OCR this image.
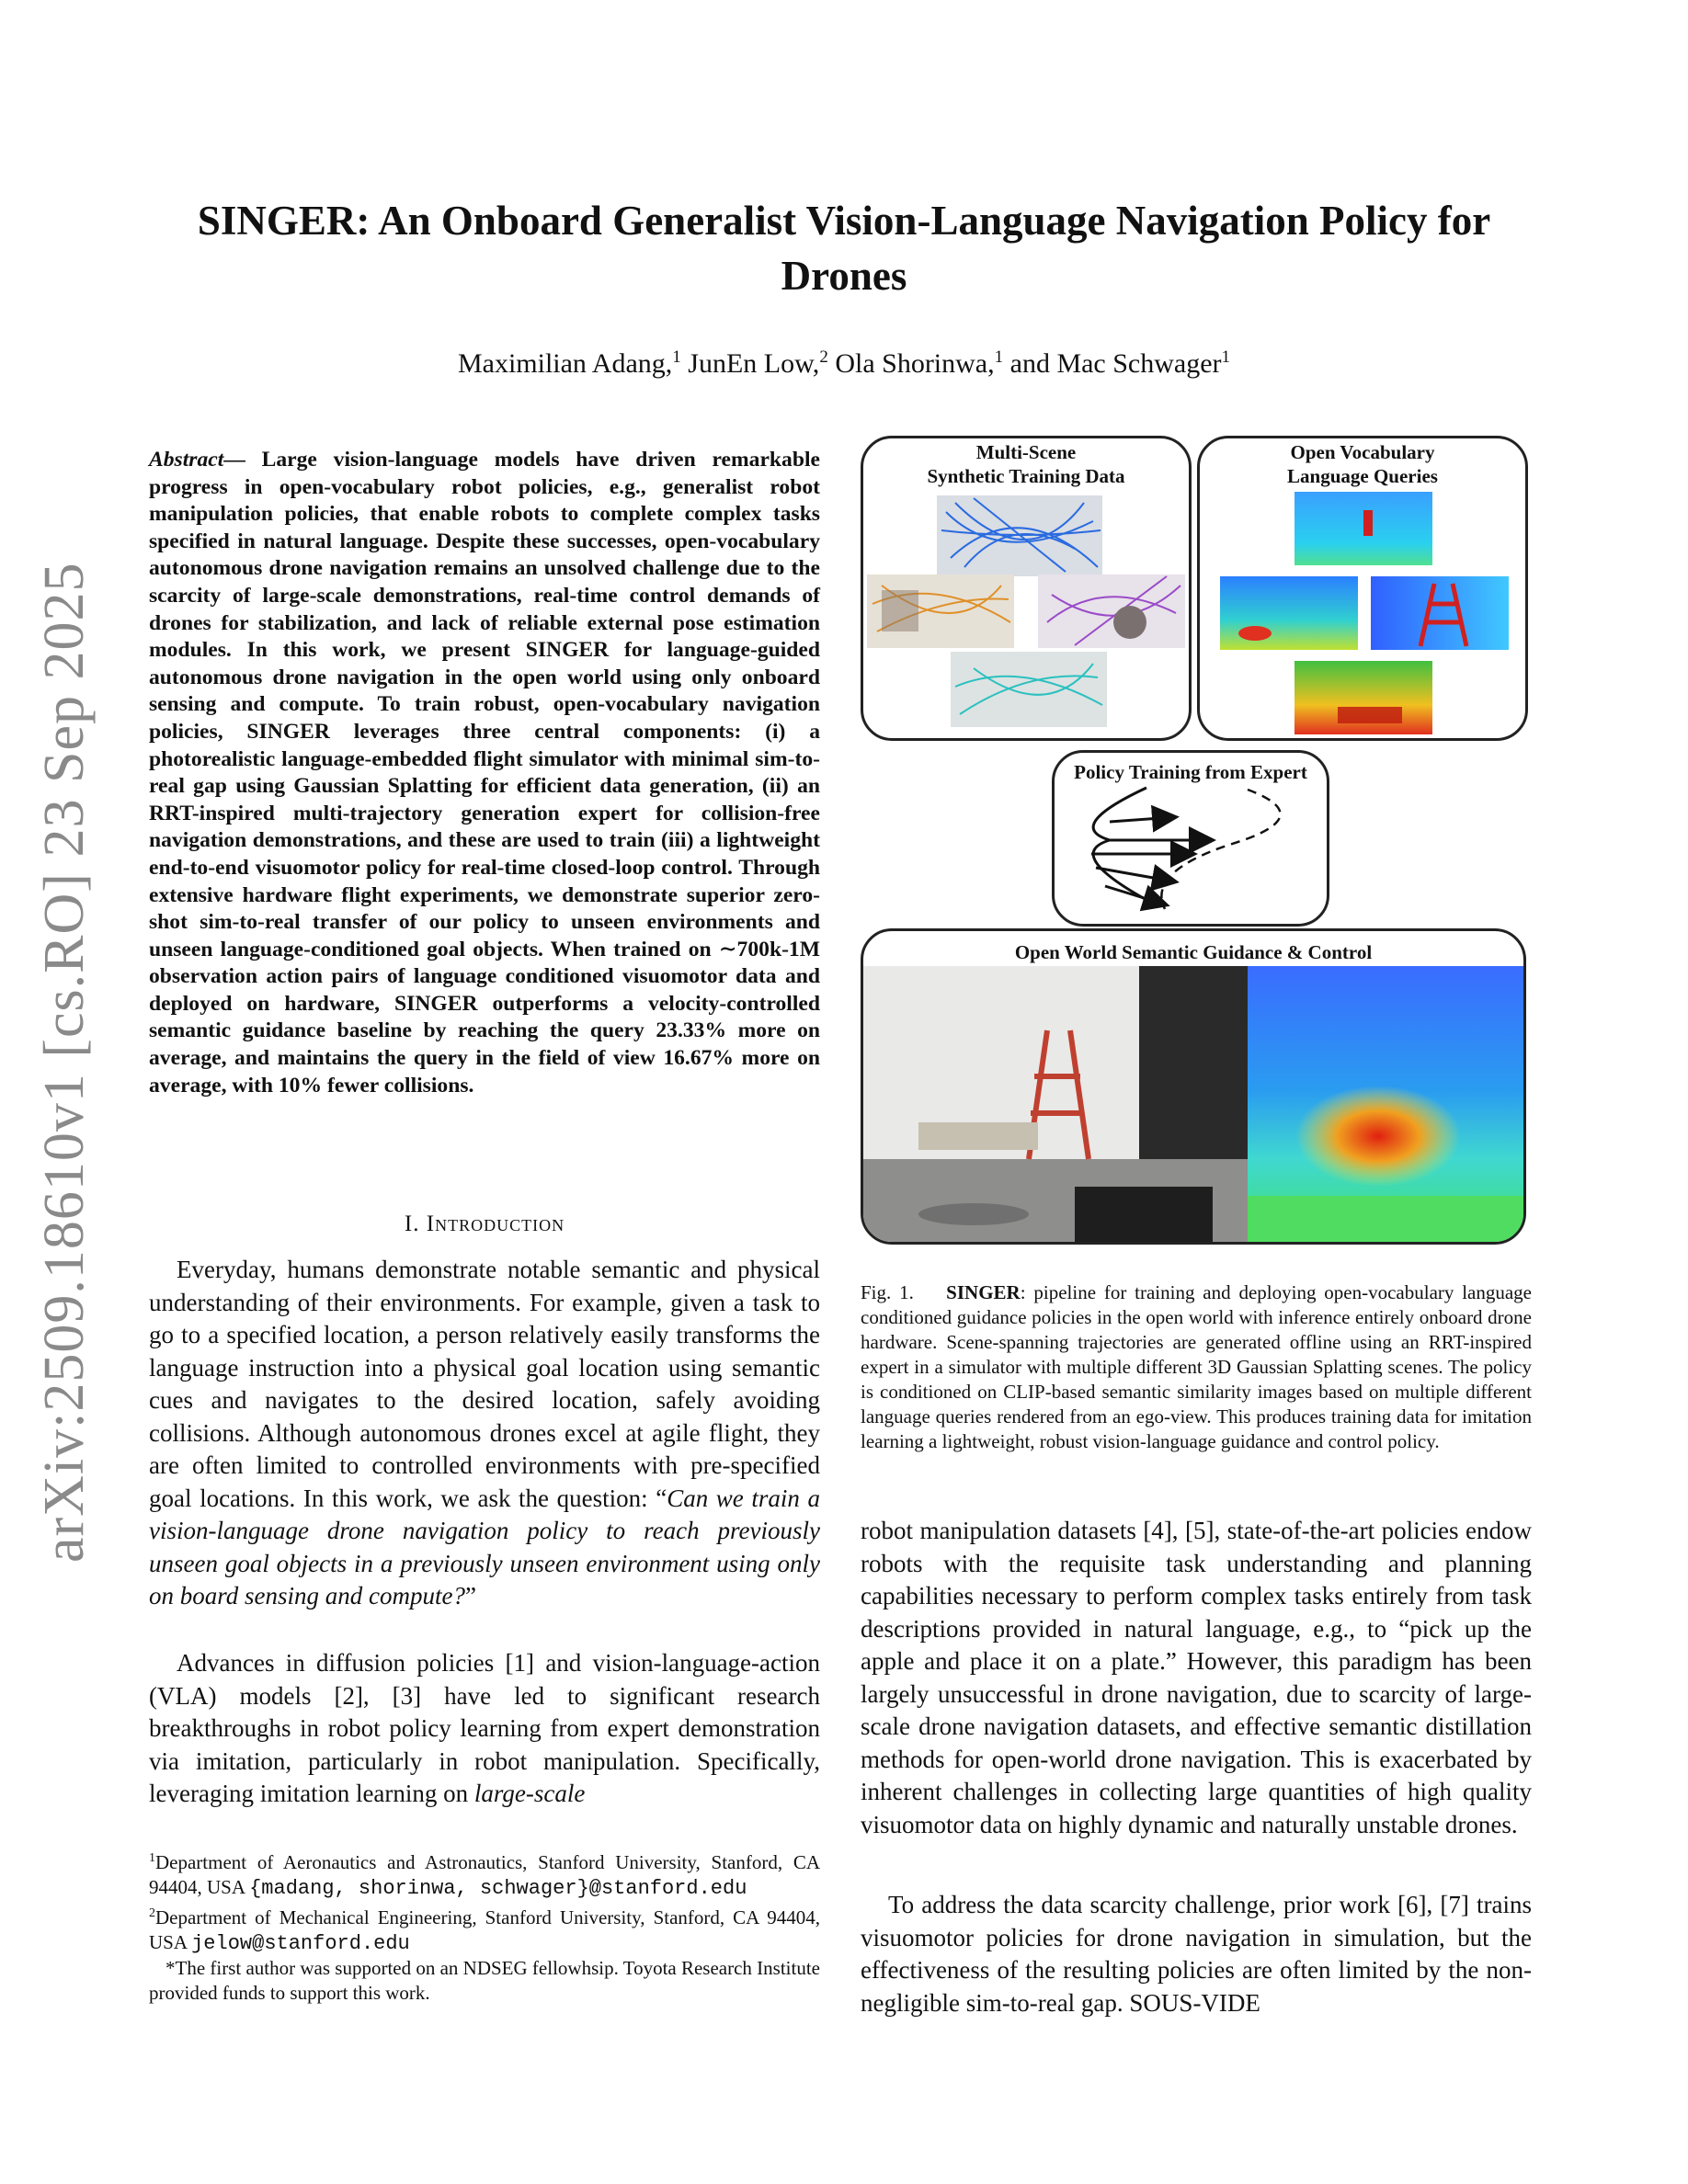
SINGER: An Onboard Generalist Vision-Language Navigation Policy for Drones
Maximilian Adang,$^1$ JunEn Low,$^2$ Ola Shorinwa,$^1$ and Mac Schwager$^1$
arXiv:2509.18610v1 [cs.RO] 23 Sep 2025
Abstract— Large vision-language models have driven remarkable progress in open-vocabulary robot policies, e.g., generalist robot manipulation policies, that enable robots to complete complex tasks specified in natural language. Despite these successes, open-vocabulary autonomous drone navigation remains an unsolved challenge due to the scarcity of large-scale demonstrations, real-time control demands of drones for stabilization, and lack of reliable external pose estimation modules. In this work, we present SINGER for language-guided autonomous drone navigation in the open world using only onboard sensing and compute. To train robust, open-vocabulary navigation policies, SINGER leverages three central components: (i) a photorealistic language-embedded flight simulator with minimal sim-to-real gap using Gaussian Splatting for efficient data generation, (ii) an RRT-inspired multi-trajectory generation expert for collision-free navigation demonstrations, and these are used to train (iii) a lightweight end-to-end visuomotor policy for real-time closed-loop control. Through extensive hardware flight experiments, we demonstrate superior zero-shot sim-to-real transfer of our policy to unseen environments and unseen language-conditioned goal objects. When trained on ∼700k-1M observation action pairs of language conditioned visuomotor data and deployed on hardware, SINGER outperforms a velocity-controlled semantic guidance baseline by reaching the query 23.33% more on average, and maintains the query in the field of view 16.67% more on average, with 10% fewer collisions.
I. Introduction

Everyday, humans demonstrate notable semantic and physical understanding of their environments. For example, given a task to go to a specified location, a person relatively easily transforms the language instruction into a physical goal location using semantic cues and navigates to the desired location, safely avoiding collisions. Although autonomous drones excel at agile flight, they are often limited to controlled environments with pre-specified goal locations. In this work, we ask the question: “Can we train a vision-language drone navigation policy to reach previously unseen goal objects in a previously unseen environment using only on board sensing and compute?”

Advances in diffusion policies [1] and vision-language-action (VLA) models [2], [3] have led to significant research breakthroughs in robot policy learning from expert demonstration via imitation, particularly in robot manipulation. Specifically, leveraging imitation learning on large-scale

$^1$Department of Aeronautics and Astronautics, Stanford University, Stanford, CA 94404, USA {madang, shorinwa, schwager}@stanford.edu

$^2$Department of Mechanical Engineering, Stanford University, Stanford, CA 94404, USA jelow@stanford.edu

*The first author was supported on an NDSEG fellowhsip. Toyota Research Institute provided funds to support this work.

Multi-Scene
Synthetic Training Data
Open Vocabulary
Language Queries
Policy Training from Expert
Open World Semantic Guidance & Control
Fig. 1. SINGER: pipeline for training and deploying open-vocabulary language conditioned guidance policies in the open world with inference entirely onboard drone hardware. Scene-spanning trajectories are generated offline using an RRT-inspired expert in a simulator with multiple different 3D Gaussian Splatting scenes. The policy is conditioned on CLIP-based semantic similarity images based on multiple different language queries rendered from an ego-view. This produces training data for imitation learning a lightweight, robust vision-language guidance and control policy.

robot manipulation datasets [4], [5], state-of-the-art policies endow robots with the requisite task understanding and planning capabilities necessary to perform complex tasks entirely from task descriptions provided in natural language, e.g., to “pick up the apple and place it on a plate.” However, this paradigm has been largely unsuccessful in drone navigation, due to scarcity of large-scale drone navigation datasets, and effective semantic distillation methods for open-world drone navigation. This is exacerbated by inherent challenges in collecting large quantities of high quality visuomotor data on highly dynamic and naturally unstable drones.

To address the data scarcity challenge, prior work [6], [7] trains visuomotor policies for drone navigation in simulation, but the effectiveness of the resulting policies are often limited by the non-negligible sim-to-real gap. SOUS-VIDE
